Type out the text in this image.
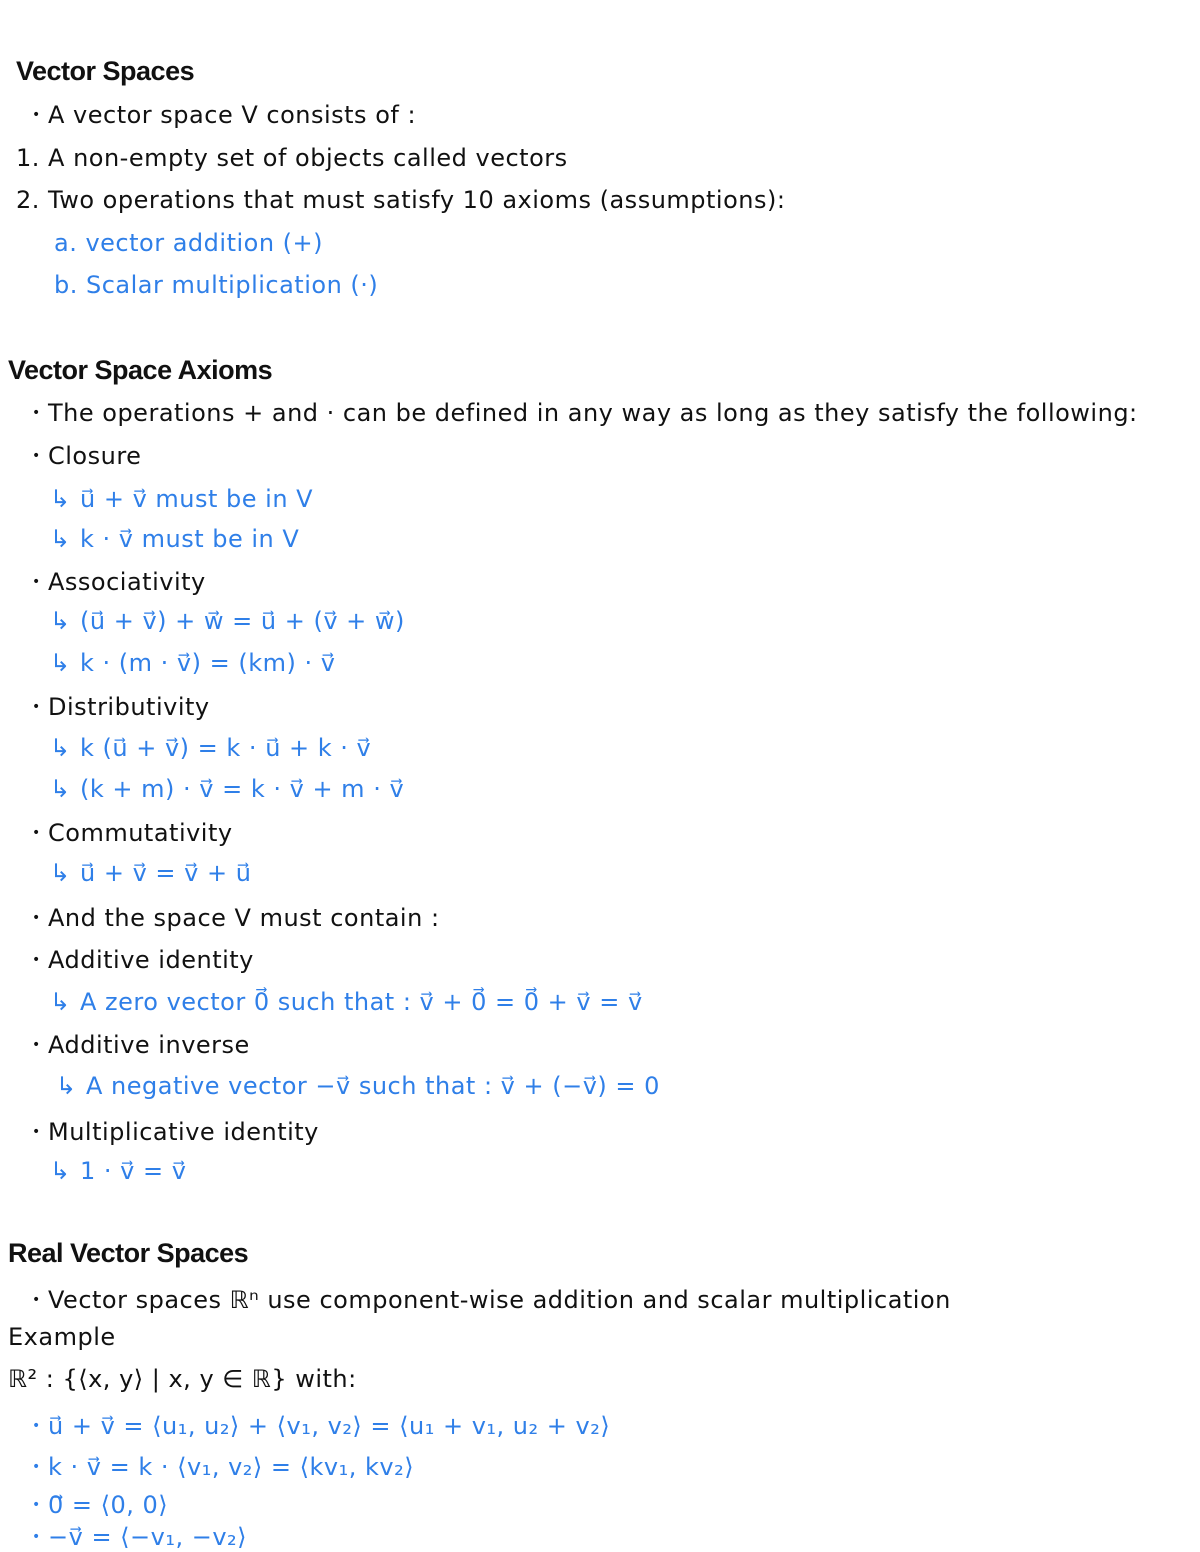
Vector Spaces
• A vector space V consists of :
1. A non-empty set of objects called vectors
2. Two operations that must satisfy 10 axioms (assumptions):
a. vector addition (+)
b. Scalar multiplication (·)
Vector Space Axioms
• The operations + and · can be defined in any way as long as they satisfy the following:
• Closure
↳ u⃗ + v⃗ must be in V
↳ k · v⃗ must be in V
• Associativity
↳ (u⃗ + v⃗) + w⃗ = u⃗ + (v⃗ + w⃗)
↳ k · (m · v⃗) = (km) · v⃗
• Distributivity
↳ k (u⃗ + v⃗) = k · u⃗ + k · v⃗
↳ (k + m) · v⃗ = k · v⃗ + m · v⃗
• Commutativity
↳ u⃗ + v⃗ = v⃗ + u⃗
• And the space V must contain :
• Additive identity
↳ A zero vector 0⃗ such that : v⃗ + 0⃗ = 0⃗ + v⃗ = v⃗
• Additive inverse
↳ A negative vector −v⃗ such that : v⃗ + (−v⃗) = 0
• Multiplicative identity
↳ 1 · v⃗ = v⃗
Real Vector Spaces
• Vector spaces ℝⁿ use component-wise addition and scalar multiplication
Example
ℝ² : {⟨x, y⟩ | x, y ∈ ℝ} with:
• u⃗ + v⃗ = ⟨u₁, u₂⟩ + ⟨v₁, v₂⟩ = ⟨u₁ + v₁, u₂ + v₂⟩
• k · v⃗ = k · ⟨v₁, v₂⟩ = ⟨kv₁, kv₂⟩
• 0⃗ = ⟨0, 0⟩
• −v⃗ = ⟨−v₁, −v₂⟩
